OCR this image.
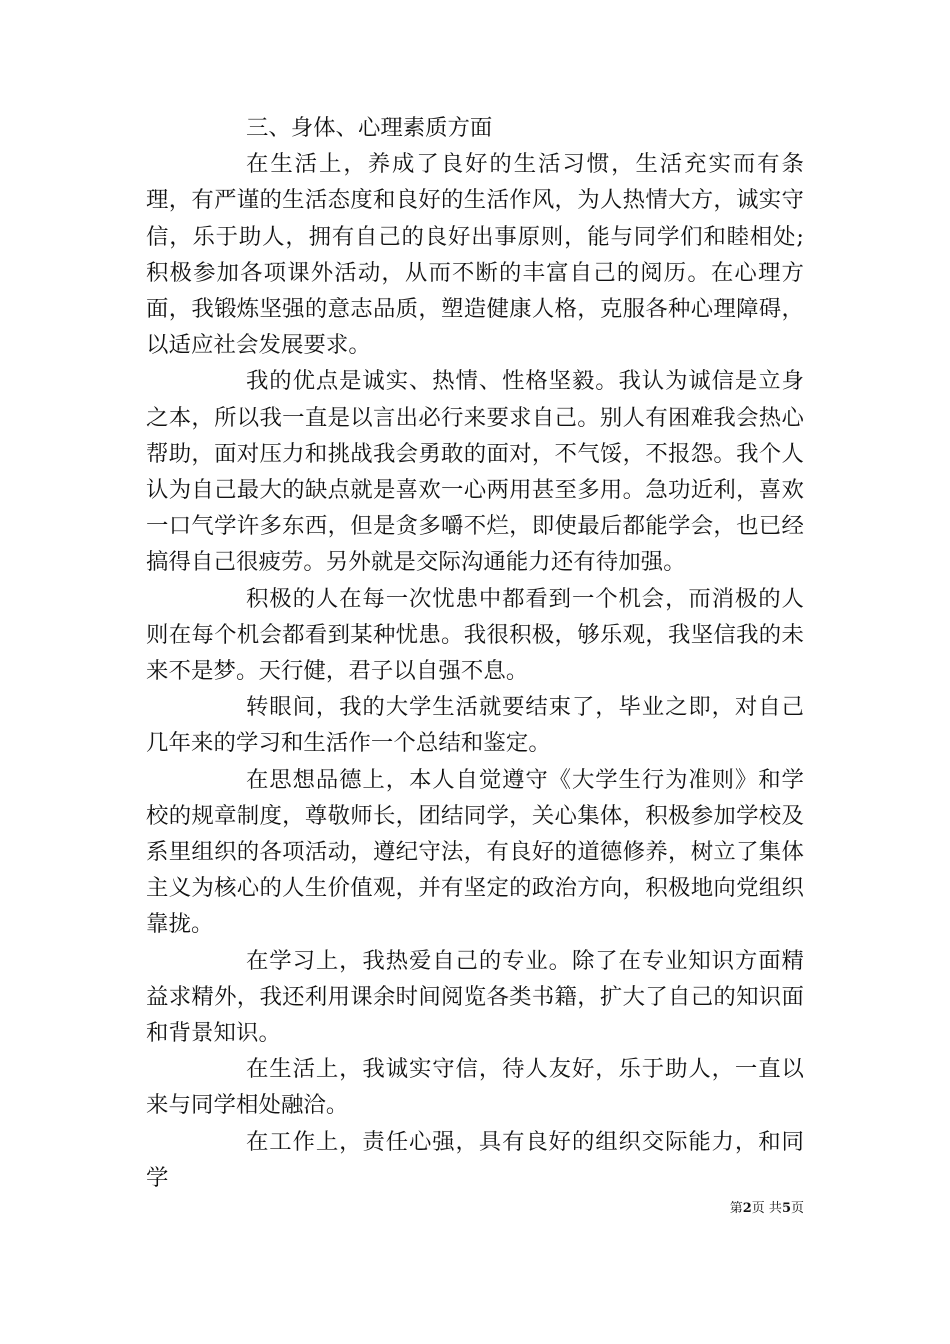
三、身体、心理素质方面

在生活上，养成了良好的生活习惯，生活充实而有条理，有严谨的生活态度和良好的生活作风，为人热情大方，诚实守信，乐于助人，拥有自己的良好出事原则，能与同学们和睦相处;积极参加各项课外活动，从而不断的丰富自己的阅历。在心理方面，我锻炼坚强的意志品质，塑造健康人格，克服各种心理障碍，以适应社会发展要求。

我的优点是诚实、热情、性格坚毅。我认为诚信是立身之本，所以我一直是以言出必行来要求自己。别人有困难我会热心帮助，面对压力和挑战我会勇敢的面对，不气馁，不报怨。我个人认为自己最大的缺点就是喜欢一心两用甚至多用。急功近利，喜欢一口气学许多东西，但是贪多嚼不烂，即使最后都能学会，也已经搞得自己很疲劳。另外就是交际沟通能力还有待加强。

积极的人在每一次忧患中都看到一个机会，而消极的人则在每个机会都看到某种忧患。我很积极，够乐观，我坚信我的未来不是梦。天行健，君子以自强不息。

转眼间，我的大学生活就要结束了，毕业之即，对自己几年来的学习和生活作一个总结和鉴定。

在思想品德上，本人自觉遵守《大学生行为准则》和学校的规章制度，尊敬师长，团结同学，关心集体，积极参加学校及系里组织的各项活动，遵纪守法，有良好的道德修养，树立了集体主义为核心的人生价值观，并有坚定的政治方向，积极地向党组织靠拢。

在学习上，我热爱自己的专业。除了在专业知识方面精益求精外，我还利用课余时间阅览各类书籍，扩大了自己的知识面和背景知识。

在生活上，我诚实守信，待人友好，乐于助人，一直以来与同学相处融洽。

在工作上，责任心强，具有良好的组织交际能力，和同学

第2页 共5页
